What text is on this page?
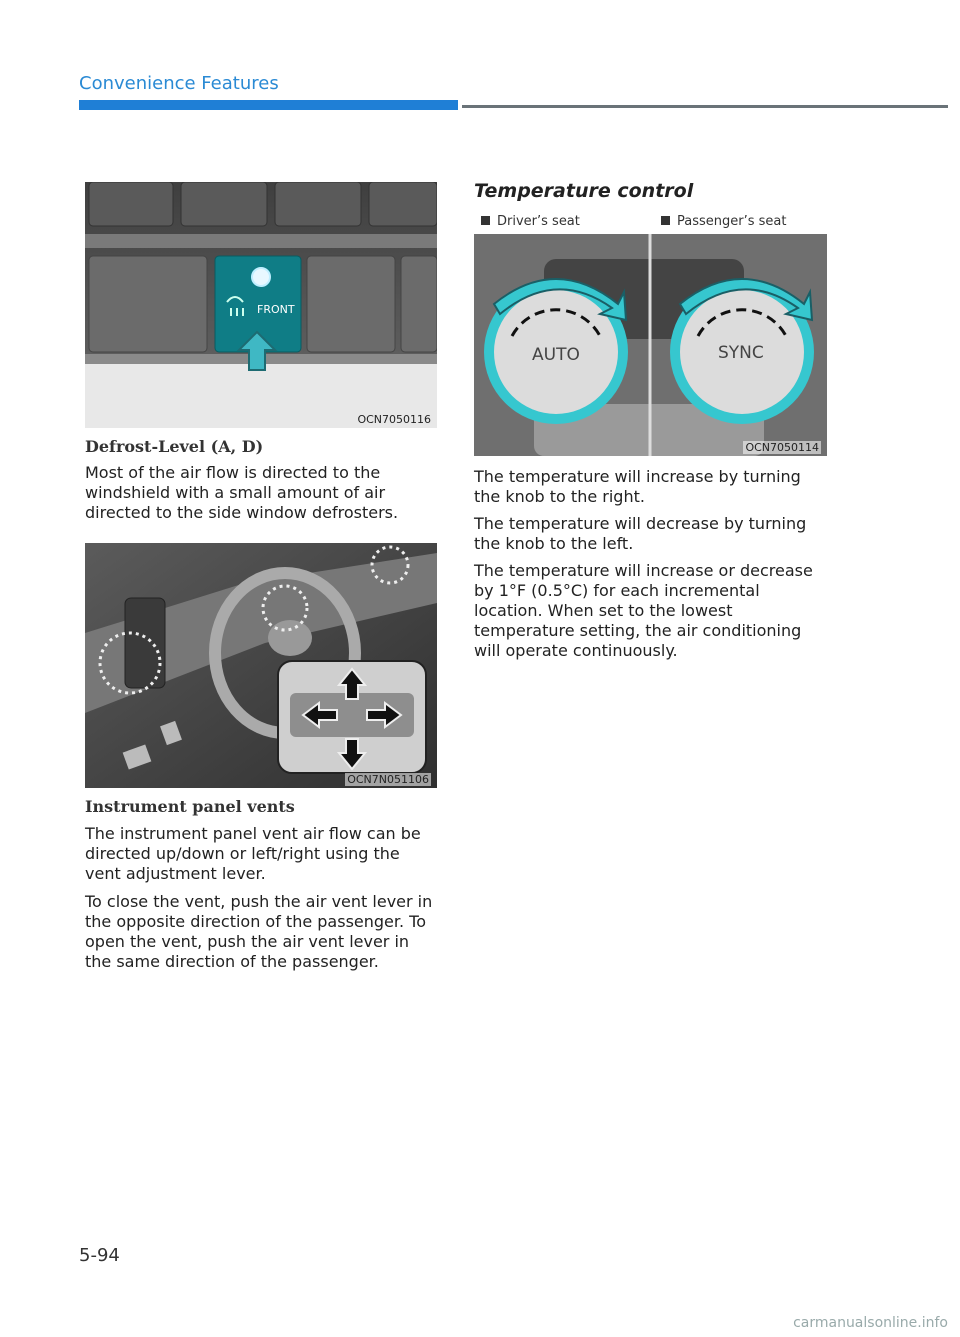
Convenience Features
FRONT
OCN7050116
Defrost-Level (A, D)

Most of the air flow is directed to the windshield with a small amount of air directed to the side window defrosters.

OCN7N051106
Instrument panel vents

The instrument panel vent air flow can be directed up/down or left/right using the vent adjustment lever.

To close the vent, push the air vent lever in the opposite direction of the passenger. To open the vent, push the air vent lever in the same direction of the passenger.

Temperature control
Driver’s seat	Passenger’s seat
AUTO	SYNC
OCN7050114

The temperature will increase by turning the knob to the right.

The temperature will decrease by turning the knob to the left.

The temperature will increase or decrease by 1°F (0.5°C) for each incremental location. When set to the lowest temperature setting, the air conditioning will operate continuously.

5-94
carmanualsonline.info
